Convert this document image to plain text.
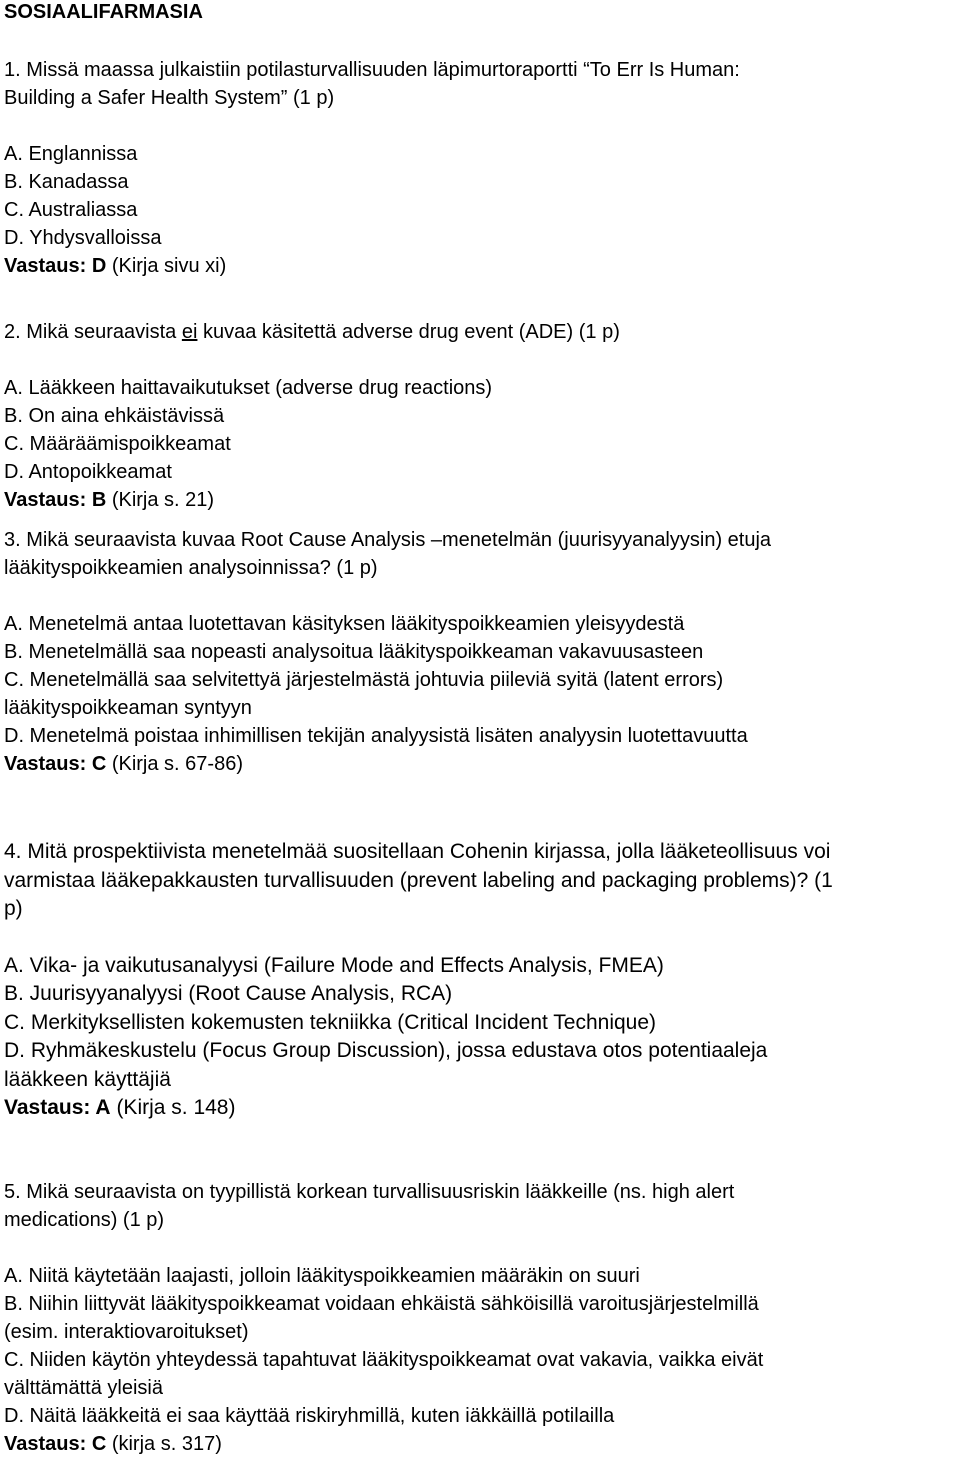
SOSIAALIFARMASIA
1. Missä maassa julkaistiin potilasturvallisuuden läpimurtoraportti “To Err Is Human:
Building a Safer Health System” (1 p)
A. Englannissa
B. Kanadassa
C. Australiassa
D. Yhdysvalloissa
Vastaus: D (Kirja sivu xi)
2. Mikä seuraavista ei kuvaa käsitettä adverse drug event (ADE) (1 p)
A. Lääkkeen haittavaikutukset (adverse drug reactions)
B. On aina ehkäistävissä
C. Määräämispoikkeamat
D. Antopoikkeamat
Vastaus: B (Kirja s. 21)
3. Mikä seuraavista kuvaa Root Cause Analysis –menetelmän (juurisyyanalyysin) etuja
lääkityspoikkeamien analysoinnissa? (1 p)
A. Menetelmä antaa luotettavan käsityksen lääkityspoikkeamien yleisyydestä
B. Menetelmällä saa nopeasti analysoitua lääkityspoikkeaman vakavuusasteen
C. Menetelmällä saa selvitettyä järjestelmästä johtuvia piileviä syitä (latent errors)
lääkityspoikkeaman syntyyn
D. Menetelmä poistaa inhimillisen tekijän analyysistä lisäten analyysin luotettavuutta
Vastaus: C (Kirja s. 67-86)
4. Mitä prospektiivista menetelmää suositellaan Cohenin kirjassa, jolla lääketeollisuus voi
varmistaa lääkepakkausten turvallisuuden (prevent labeling and packaging problems)? (1
p)
A. Vika- ja vaikutusanalyysi (Failure Mode and Effects Analysis, FMEA)
B. Juurisyyanalyysi (Root Cause Analysis, RCA)
C. Merkityksellisten kokemusten tekniikka (Critical Incident Technique)
D. Ryhmäkeskustelu (Focus Group Discussion), jossa edustava otos potentiaaleja
lääkkeen käyttäjiä
Vastaus: A (Kirja s. 148)
5. Mikä seuraavista on tyypillistä korkean turvallisuusriskin lääkkeille (ns. high alert
medications) (1 p)
A. Niitä käytetään laajasti, jolloin lääkityspoikkeamien määräkin on suuri
B. Niihin liittyvät lääkityspoikkeamat voidaan ehkäistä sähköisillä varoitusjärjestelmillä
(esim. interaktiovaroitukset)
C. Niiden käytön yhteydessä tapahtuvat lääkityspoikkeamat ovat vakavia, vaikka eivät
välttämättä yleisiä
D. Näitä lääkkeitä ei saa käyttää riskiryhmillä, kuten iäkkäillä potilailla
Vastaus: C (kirja s. 317)
